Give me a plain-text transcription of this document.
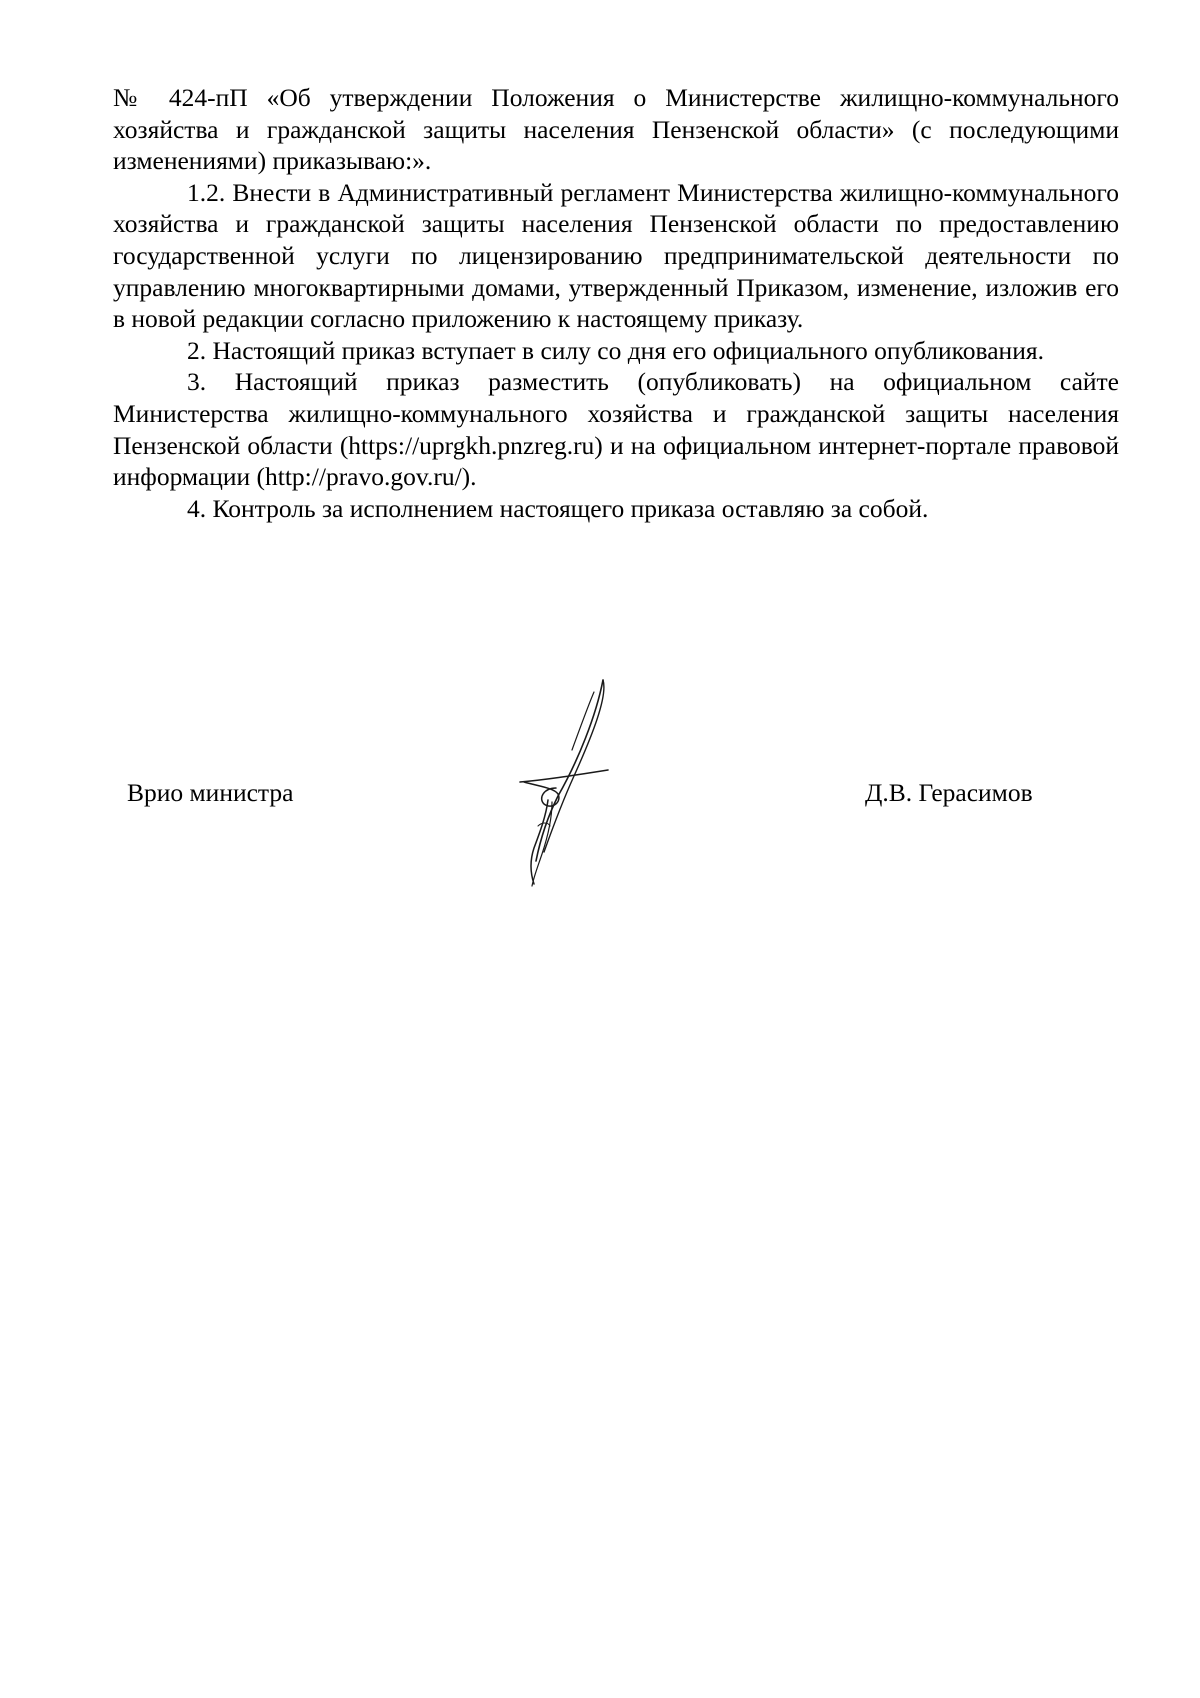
№ 424-пП «Об утверждении Положения о Министерстве жилищно-коммунального хозяйства и гражданской защиты населения Пензенской области» (с последующими изменениями) приказываю:».

1.2. Внести в Административный регламент Министерства жилищно-коммунального хозяйства и гражданской защиты населения Пензенской области по предоставлению государственной услуги по лицензированию предпринимательской деятельности по управлению многоквартирными домами, утвержденный Приказом, изменение, изложив его в новой редакции согласно приложению к настоящему приказу.

2. Настоящий приказ вступает в силу со дня его официального опубликования.

3. Настоящий приказ разместить (опубликовать) на официальном сайте Министерства жилищно-коммунального хозяйства и гражданской защиты населения Пензенской области (https://uprgkh.pnzreg.ru) и на официальном интернет-портале правовой информации (http://pravo.gov.ru/).

4. Контроль за исполнением настоящего приказа оставляю за собой.

Врио министра	Д.В. Герасимов
